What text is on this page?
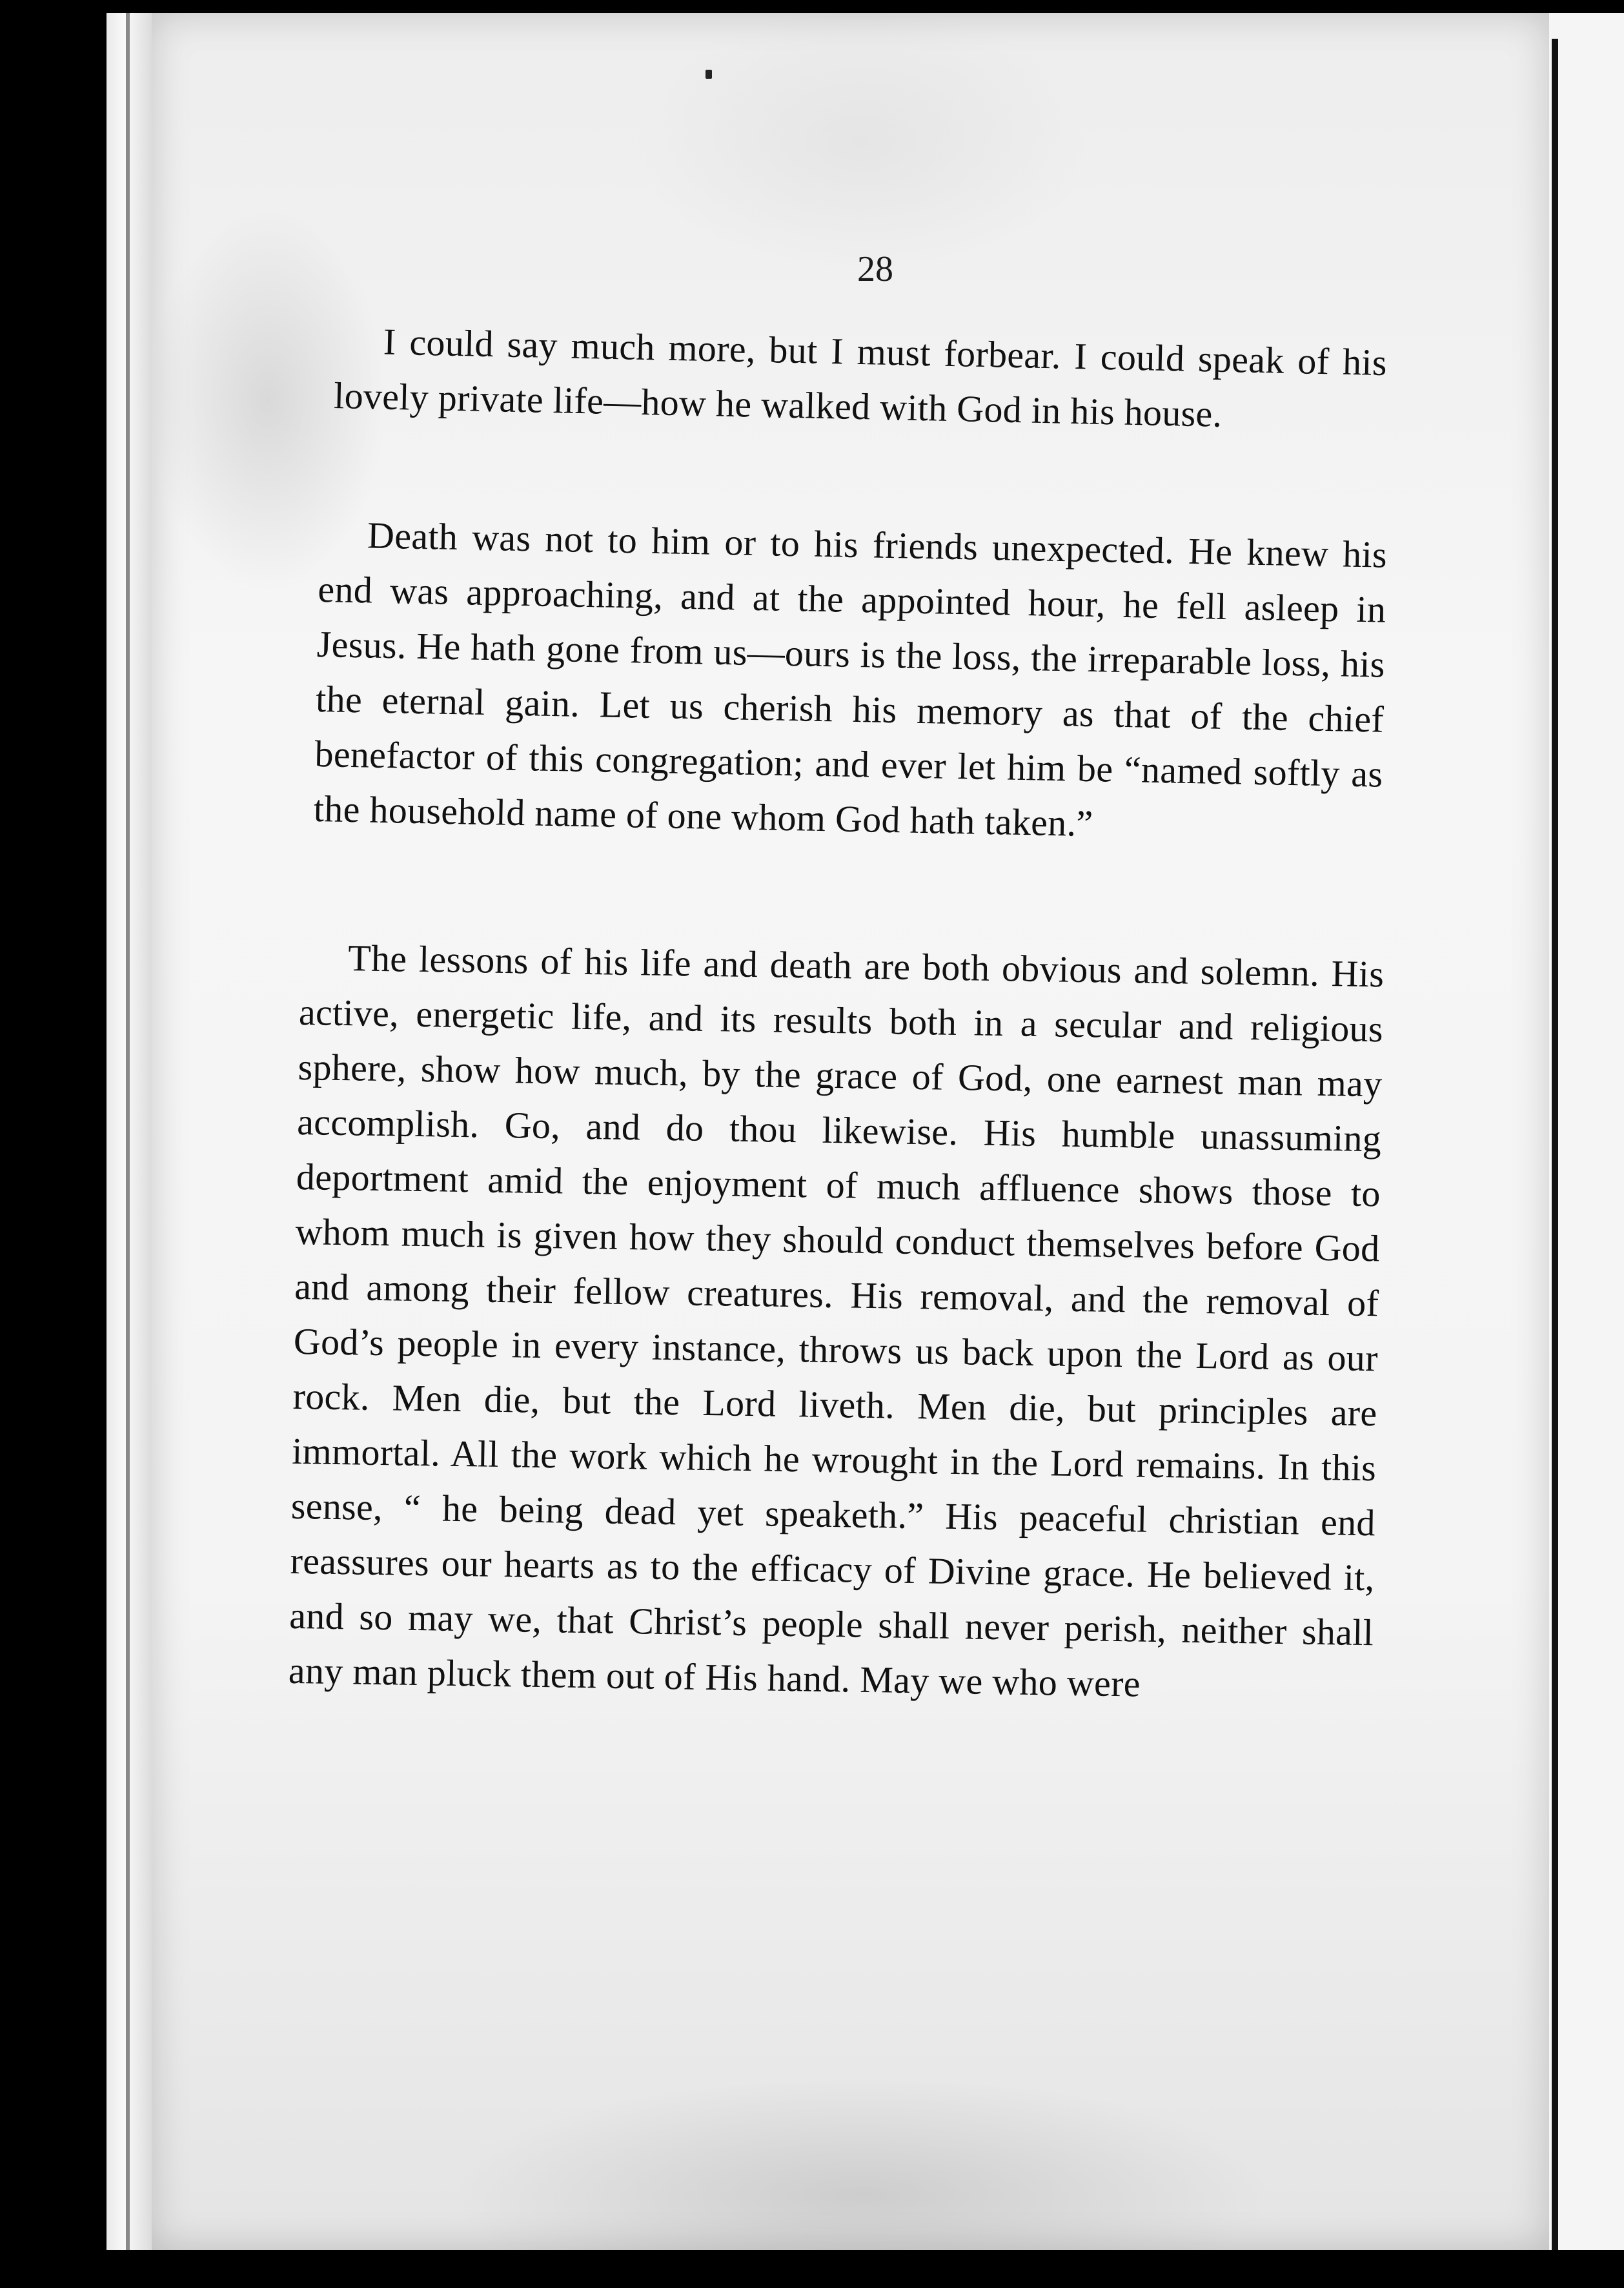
28

I could say much more, but I must forbear. I could speak of his lovely private life—how he walked with God in his house.

Death was not to him or to his friends unexpected. He knew his end was approaching, and at the appointed hour, he fell asleep in Jesus. He hath gone from us—ours is the loss, the irreparable loss, his the eternal gain. Let us cherish his memory as that of the chief benefactor of this congregation; and ever let him be “named softly as the household name of one whom God hath taken.”

The lessons of his life and death are both obvious and solemn. His active, energetic life, and its results both in a secular and religious sphere, show how much, by the grace of God, one earnest man may accomplish. Go, and do thou likewise. His humble unassuming deportment amid the enjoyment of much affluence shows those to whom much is given how they should conduct themselves before God and among their fellow creatures. His removal, and the removal of God’s people in every instance, throws us back upon the Lord as our rock. Men die, but the Lord liveth. Men die, but principles are immortal. All the work which he wrought in the Lord remains. In this sense, “ he being dead yet speaketh.” His peaceful christian end reassures our hearts as to the efficacy of Divine grace. He believed it, and so may we, that Christ’s people shall never perish, neither shall any man pluck them out of His hand. May we who were
